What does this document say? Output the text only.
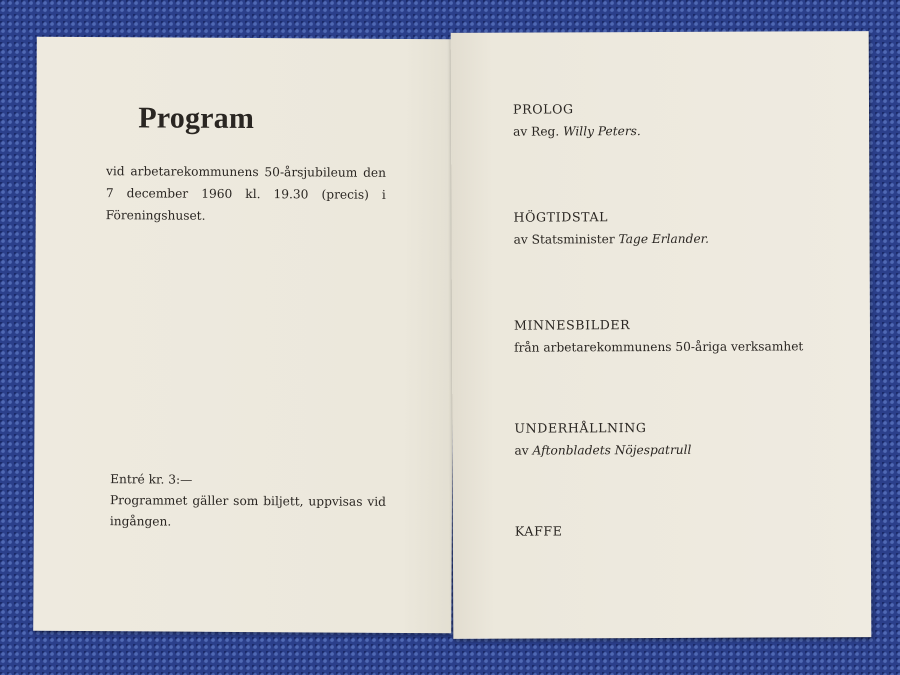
Program

vid arbetarekommunens 50-årsjubileum den 7 december 1960 kl. 19.30 (precis) i Föreningshuset.

Entré kr. 3:—

Programmet gäller som biljett, uppvisas vid ingången.

PROLOG
av Reg. Willy Peters.
HÖGTIDSTAL
av Statsminister Tage Erlander.
MINNESBILDER
från arbetarekommunens 50-åriga verksamhet
UNDERHÅLLNING
av Aftonbladets Nöjespatrull
KAFFE
